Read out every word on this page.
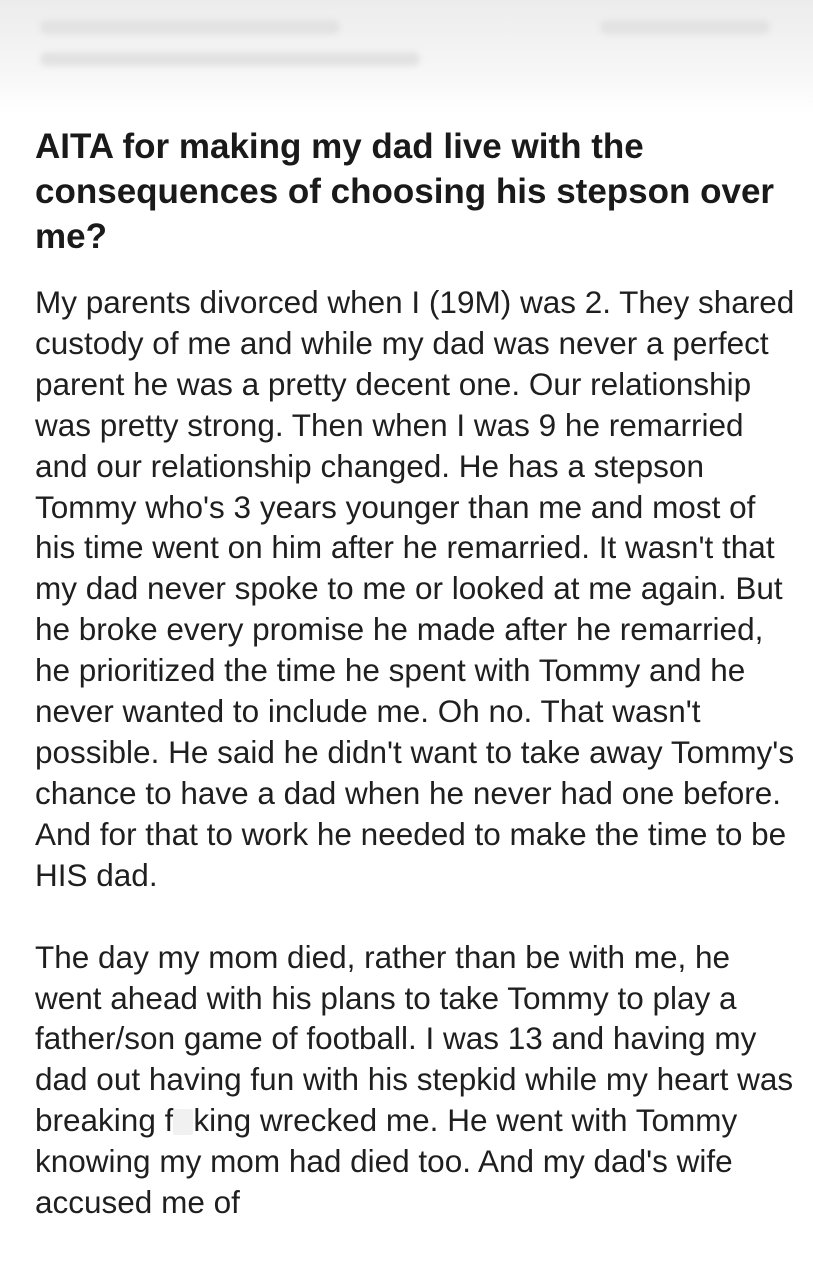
AITA for making my dad live with the consequences of choosing his stepson over me?

My parents divorced when I (19M) was 2. They shared custody of me and while my dad was never a perfect parent he was a pretty decent one. Our relationship was pretty strong. Then when I was 9 he remarried and our relationship changed. He has a stepson Tommy who's 3 years younger than me and most of his time went on him after he remarried. It wasn't that my dad never spoke to me or looked at me again. But he broke every promise he made after he remarried, he prioritized the time he spent with Tommy and he never wanted to include me. Oh no. That wasn't possible. He said he didn't want to take away Tommy's chance to have a dad when he never had one before. And for that to work he needed to make the time to be HIS dad.

The day my mom died, rather than be with me, he went ahead with his plans to take Tommy to play a father/son game of football. I was 13 and having my dad out having fun with his stepkid while my heart was breaking f king wrecked me. He went with Tommy knowing my mom had died too. And my dad's wife accused me of
